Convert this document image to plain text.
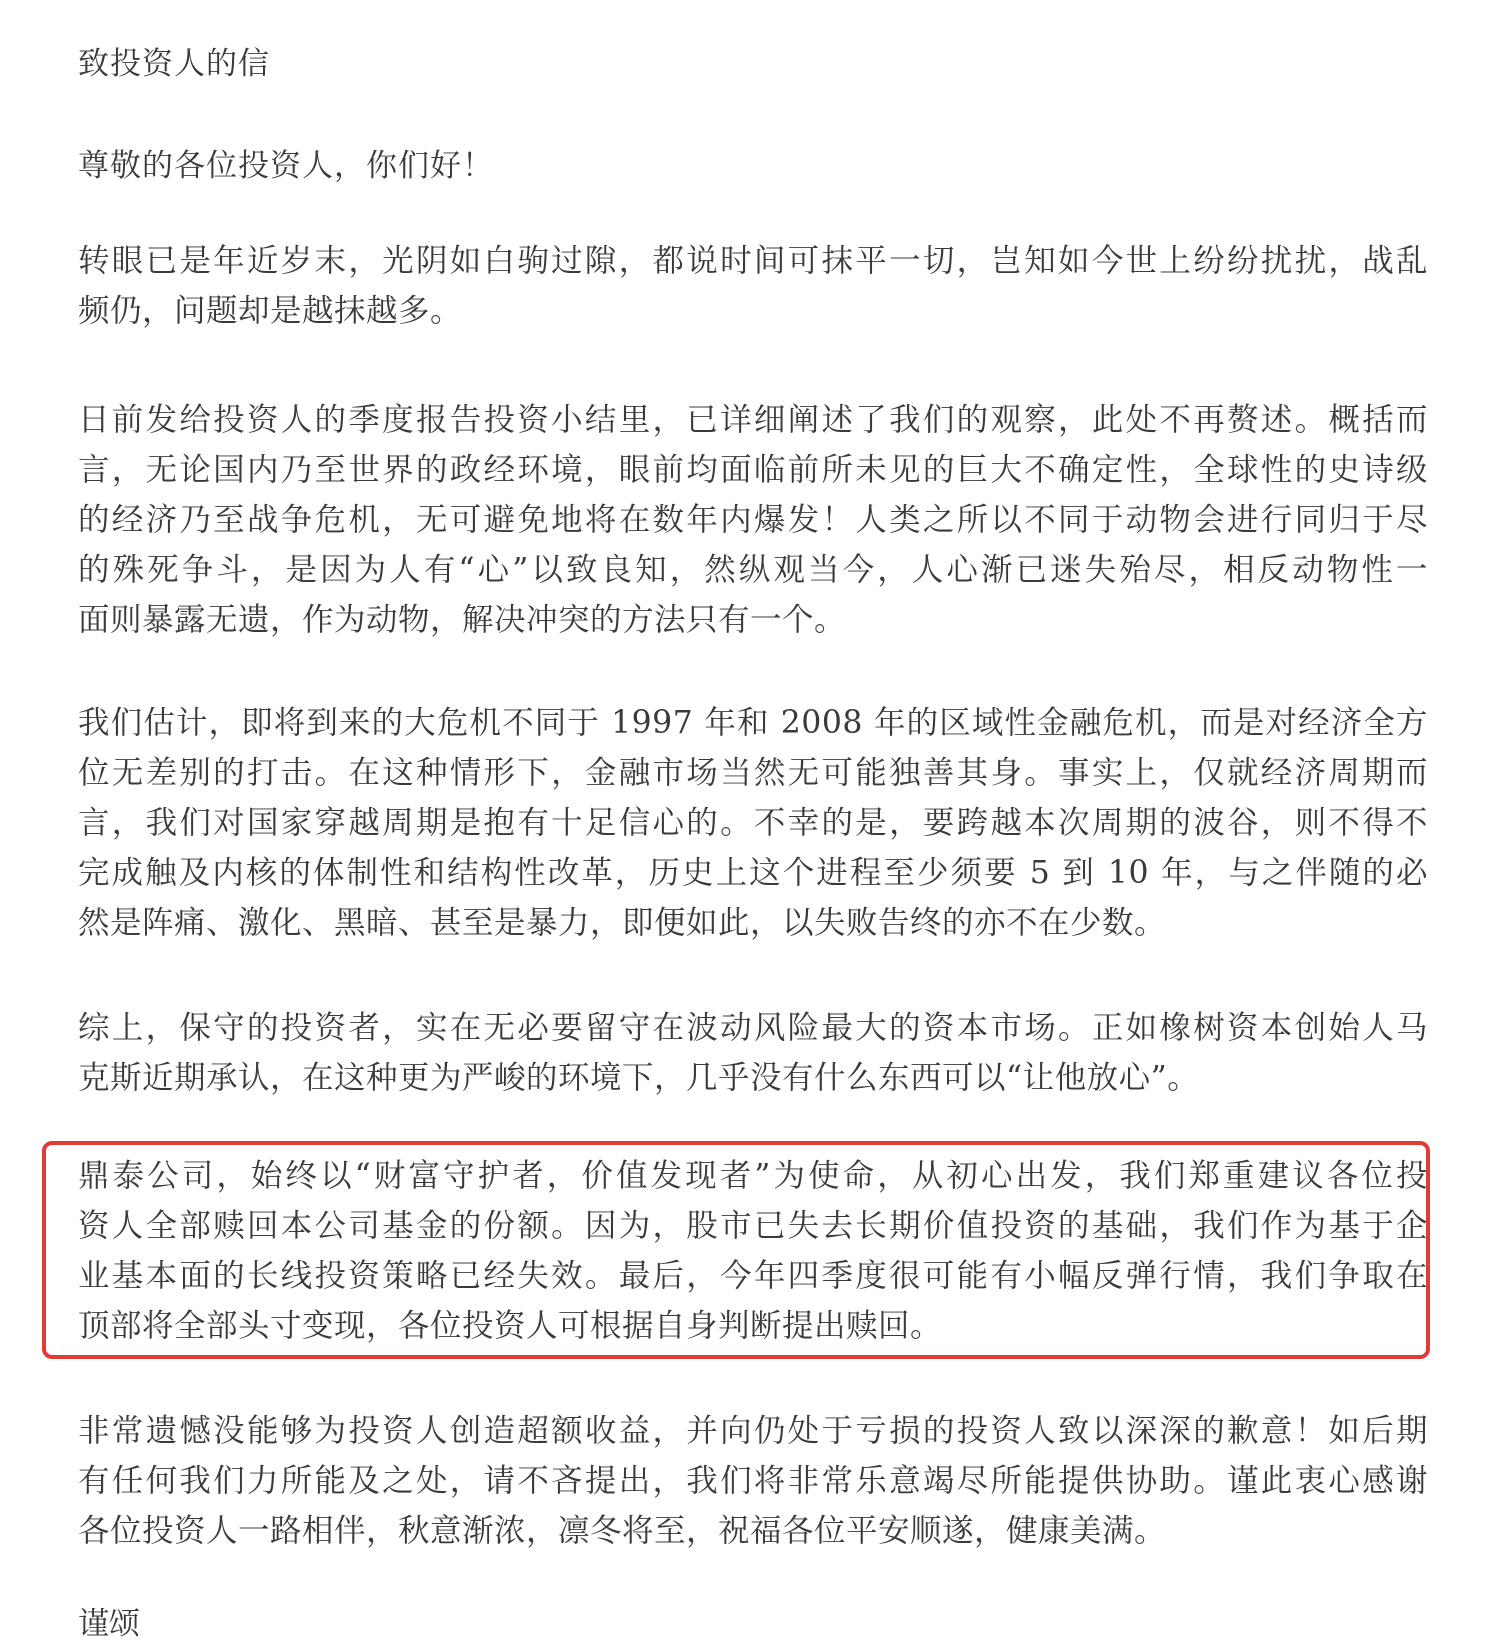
致投资人的信
尊敬的各位投资人，你们好！
转眼已是年近岁末，光阴如白驹过隙，都说时间可抹平一切，岂知如今世上纷纷扰扰，战乱
频仍，问题却是越抹越多。
日前发给投资人的季度报告投资小结里，已详细阐述了我们的观察，此处不再赘述。概括而
言，无论国内乃至世界的政经环境，眼前均面临前所未见的巨大不确定性，全球性的史诗级
的经济乃至战争危机，无可避免地将在数年内爆发！人类之所以不同于动物会进行同归于尽
的殊死争斗，是因为人有“心”以致良知，然纵观当今，人心渐已迷失殆尽，相反动物性一
面则暴露无遗，作为动物，解决冲突的方法只有一个。
我们估计，即将到来的大危机不同于 1997 年和 2008 年的区域性金融危机，而是对经济全方
位无差别的打击。在这种情形下，金融市场当然无可能独善其身。事实上，仅就经济周期而
言，我们对国家穿越周期是抱有十足信心的。不幸的是，要跨越本次周期的波谷，则不得不
完成触及内核的体制性和结构性改革，历史上这个进程至少须要 5 到 10 年，与之伴随的必
然是阵痛、激化、黑暗、甚至是暴力，即便如此，以失败告终的亦不在少数。
综上，保守的投资者，实在无必要留守在波动风险最大的资本市场。正如橡树资本创始人马
克斯近期承认，在这种更为严峻的环境下，几乎没有什么东西可以“让他放心”。
鼎泰公司，始终以“财富守护者，价值发现者”为使命，从初心出发，我们郑重建议各位投
资人全部赎回本公司基金的份额。因为，股市已失去长期价值投资的基础，我们作为基于企
业基本面的长线投资策略已经失效。最后，今年四季度很可能有小幅反弹行情，我们争取在
顶部将全部头寸变现，各位投资人可根据自身判断提出赎回。
非常遗憾没能够为投资人创造超额收益，并向仍处于亏损的投资人致以深深的歉意！如后期
有任何我们力所能及之处，请不吝提出，我们将非常乐意竭尽所能提供协助。谨此衷心感谢
各位投资人一路相伴，秋意渐浓，凛冬将至，祝福各位平安顺遂，健康美满。
谨颂
